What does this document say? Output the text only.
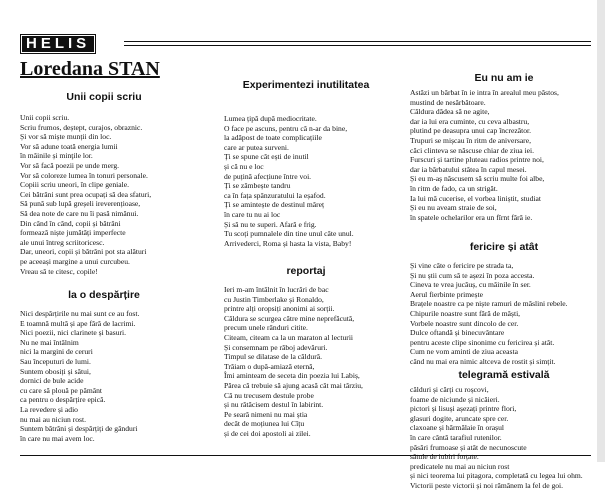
HELIS
Loredana STAN
Unii copii scriu
Unii copii scriu.
Scriu frumos, deștept, curajos, obraznic.
Și vor să miște munții din loc.
Vor să adune toată energia lumii
în mâinile și minţile lor.
Vor să facă poezii pe unde merg.
Vor să coloreze lumea în tonuri personale.
Copiii scriu uneori, în clipe geniale.
Cei bătrâni sunt prea ocupați să dea sfaturi,
Să pună sub lupă greșeli ireverențioase,
Să dea note de care nu îi pasă nimănui.
Din când în când, copii și bătrâni
formează niște jumătăți imperfecte
ale unui întreg scriitoricesc.
Dar, uneori, copii și bătrâni pot sta alături
pe aceeași margine a unui curcubeu.
Vreau să te citesc, copile!
la o despărțire
Nici despărțirile nu mai sunt ce au fost.
E toamnă multă și ape fără de lacrimi.
Nici poezii, nici clarinete și basuri.
Nu ne mai întâlnim
nici la margini de ceruri
Sau începuturi de lumi.
Suntem obosiți și sătui,
dornici de bule acide
cu care să plouă pe pământ
ca pentru o despărțire epică.
La revedere și adio
nu mai au niciun rost.
Suntem bătrâni și despărțiți de gânduri
în care nu mai avem loc.
Experimentezi inutilitatea
Lumea țipă după mediocritate.
O face pe ascuns, pentru că n-ar da bine,
la adăpost de toate complicațiile
care ar putea surveni.
Ți se spune cât ești de inutil
și că nu e loc
de puțină afecțiune între voi.
Ți se zâmbește tandru
ca în fața spânzuratului la eșafod.
Ți se amintește de destinul mâreț
în care tu nu ai loc
Și să nu te superi. Afară e frig.
Tu scoți pumnalele din tine unul câte unul.
Arrivederci, Roma și hasta la vista, Baby!
reportaj
Ieri m-am întâlnit în lucrări de bac
cu Justin Timberlake și Ronaldo,
printre alți oropsiți anonimi ai sorții.
Căldura se scurgea către mine neprefăcută,
precum unele rânduri citite.
Citeam, citeam ca la un maraton al lecturii
Și consemnam pe răboj adevăruri.
Timpul se dilatase de la căldură.
Trăiam o după-amiază eternă,
Îmi aminteam de seceta din poezia lui Labiș,
Părea că trebuie să ajung acasă cât mai târziu,
Că nu trecusem destule probe
și nu rătăcisem destul în labirint.
Pe seară nimeni nu mai știa
decât de moțiunea lui Cîțu
și de cei doi apostoli ai zilei.
Eu nu am ie
Astăzi un bărbat în ie intra în arealul meu păstos,
mustind de nesărbătoare.
Căldura dădea să ne agite,
dar ia lui era cuminte, cu ceva albastru,
plutind pe deasupra unui cap încrezător.
Trupuri se mișcau în ritm de aniversare,
căci clinteva se născuse chiar de ziua iei.
Furscuri și tartine pluteau radios printre noi,
dar ia bărbatului stătea în capul mesei.
Și eu m-aș născusem să scriu multe foi albe,
în ritm de fado, ca un strigăt.
Ia lui mă cucerise, el vorbea liniștit, studiat
Și eu nu aveam straie de soi,
în spatele ochelarilor era un fîrnt fără ie.
fericire și atât
Și vine câte o fericire pe strada ta,
Și nu știi cum să te așezi în poza accesta.
Cineva te vrea jucăuș, cu mâinile în ser.
Aerul fierbinte primește
Brațele noastre ca pe niște ramuri de măslini rebele.
Chipurile noastre sunt fără de măști,
Vorbele noastre sunt dincolo de cer.
Dulce oftandă și binecuvântare
pentru aceste clipe sinonime cu fericirea și atât.
Cum ne vom aminti de ziua aceasta
când nu mai era nimic altceva de rostit și simțit.
telegramă estivală
călduri și cărți cu roșcovi,
foame de niciunde și nicăieri.
pictori și lisuși așezați printre flori,
glasuri dogite, aruncate spre cer.
claxoane și hărmălaie în orașul
în care cântă tarafiul rutenilor.
păsări frumoase și atât de necunoscute
sătule de iubiri forțate.
predicatele nu mai au niciun rost
și nici teorema lui pitagora, completată cu legea lui ohm.
Victorii peste victorii și noi rămânem la fel de goi.
